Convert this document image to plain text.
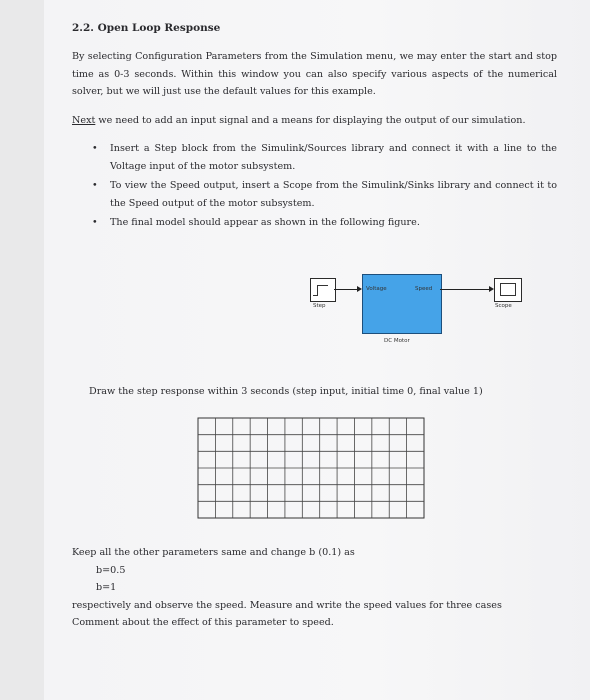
2.2. Open Loop Response

By selecting Configuration Parameters from the Simulation menu, we may enter the start and stop time as 0-3 seconds. Within this window you can also specify various aspects of the numerical solver, but we will just use the default values for this example.

Next we need to add an input signal and a means for displaying the output of our simulation.

• Insert a Step block from the Simulink/Sources library and connect it with a line to the Voltage input of the motor subsystem.
• To view the Speed output, insert a Scope from the Simulink/Sinks library and connect it to the Speed output of the motor subsystem.
• The final model should appear as shown in the following figure.
Step
Voltage	Speed
DC Motor
Scope
Draw the step response within 3 seconds (step input, initial time 0, final value 1)
Keep all the other parameters same and change b (0.1) as
b=0.5
b=1
respectively and observe the speed. Measure and write the speed values for three cases
Comment about the effect of this parameter to speed.
